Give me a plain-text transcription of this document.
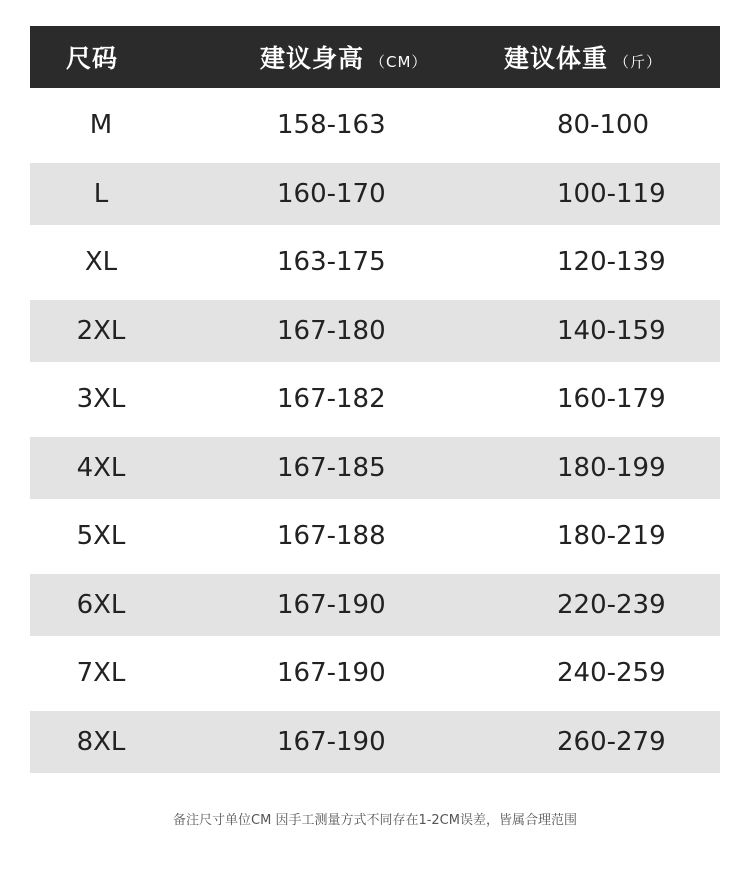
尺码	建议身高 （CM）	建议体重 （斤）
M	158-163	80-100
L	160-170	100-119
XL	163-175	120-139
2XL	167-180	140-159
3XL	167-182	160-179
4XL	167-185	180-199
5XL	167-188	180-219
6XL	167-190	220-239
7XL	167-190	240-259
8XL	167-190	260-279
备注尺寸单位CM 因手工测量方式不同存在1-2CM误差，皆属合理范围
